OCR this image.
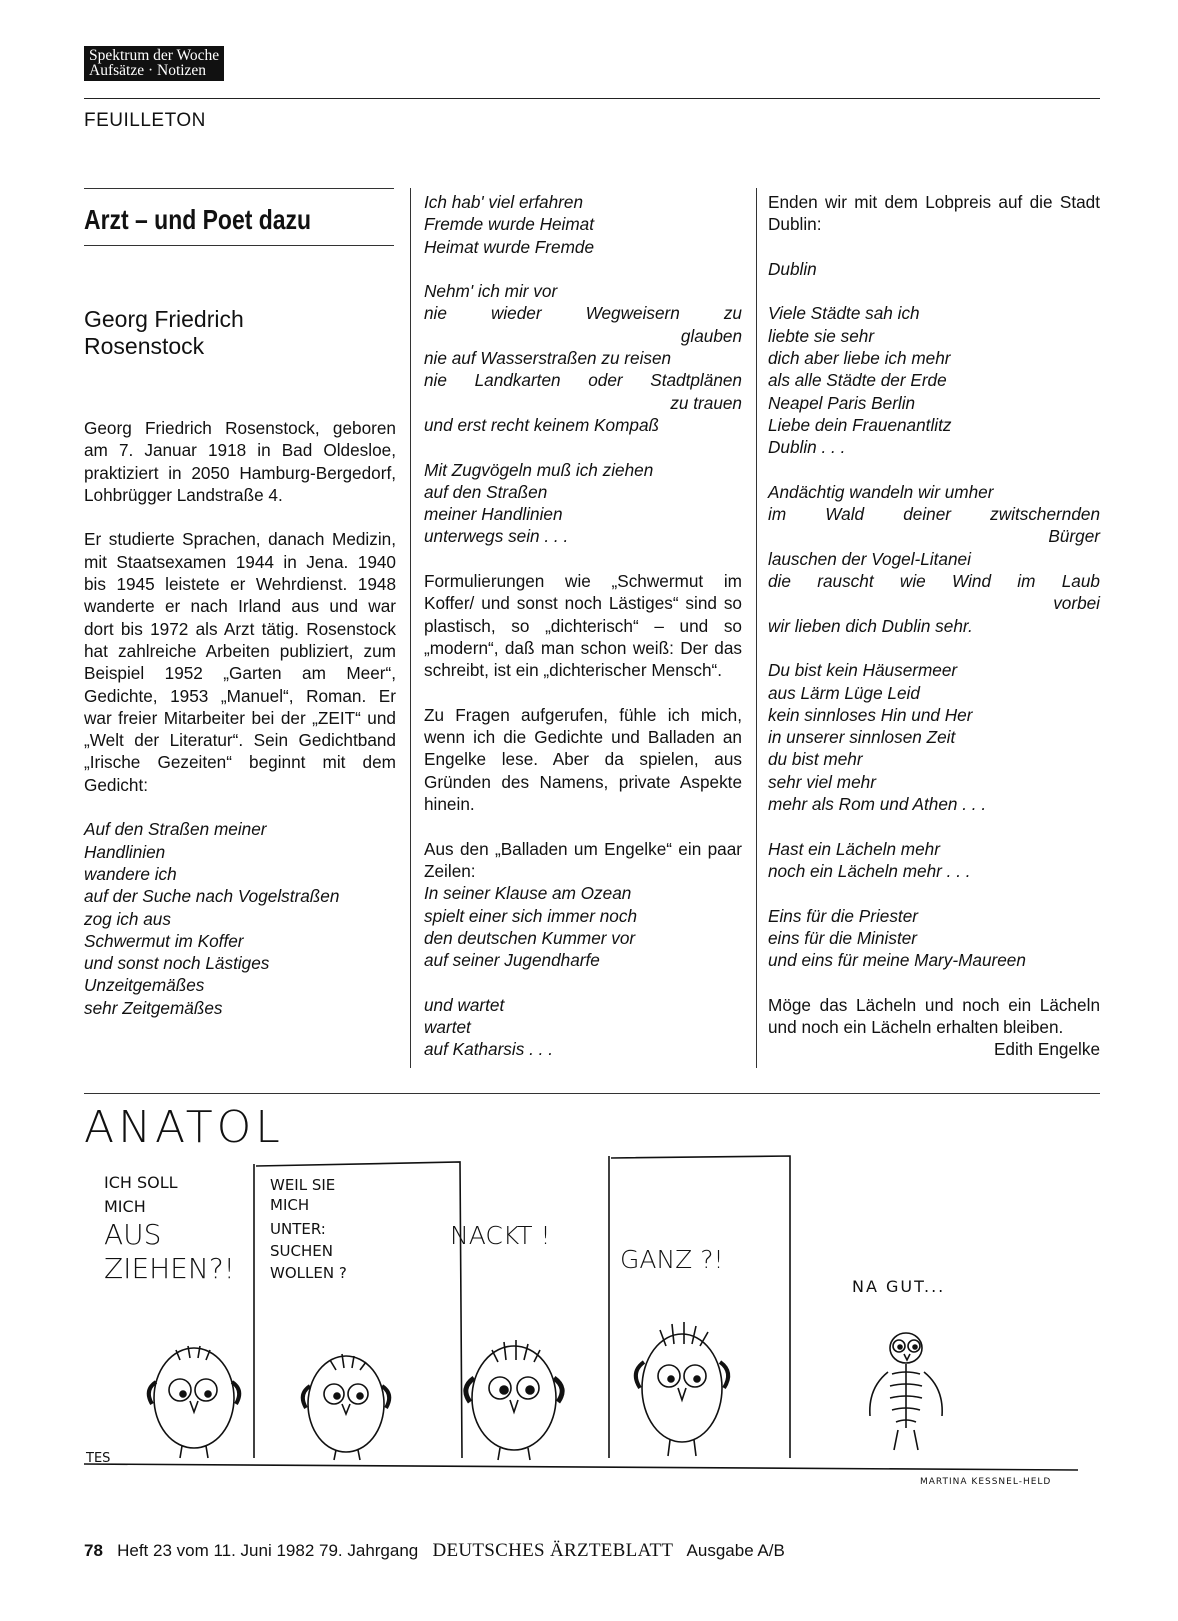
Spektrum der Woche
Aufsätze · Notizen
FEUILLETON
Arzt – und Poet dazu
Georg Friedrich
Rosenstock

Georg Friedrich Rosenstock, geboren am 7. Januar 1918 in Bad Oldesloe, praktiziert in 2050 Hamburg-Bergedorf, Lohbrügger Landstraße 4.

Er studierte Sprachen, danach Medizin, mit Staatsexamen 1944 in Jena. 1940 bis 1945 leistete er Wehrdienst. 1948 wanderte er nach Irland aus und war dort bis 1972 als Arzt tätig. Rosenstock hat zahlreiche Arbeiten publiziert, zum Beispiel 1952 „Garten am Meer“, Gedichte, 1953 „Manuel“, Roman. Er war freier Mitarbeiter bei der „ZEIT“ und „Welt der Literatur“. Sein Gedichtband „Irische Gezeiten“ beginnt mit dem Gedicht:

Auf den Straßen meiner

Handlinien

wandere ich

auf der Suche nach Vogelstraßen

zog ich aus

Schwermut im Koffer

und sonst noch Lästiges

Unzeitgemäßes

sehr Zeitgemäßes

Ich hab' viel erfahren

Fremde wurde Heimat

Heimat wurde Fremde

Nehm' ich mir vor

nie wieder Wegweisern zu

glauben

nie auf Wasserstraßen zu reisen

nie Landkarten oder Stadtplänen

zu trauen

und erst recht keinem Kompaß

Mit Zugvögeln muß ich ziehen

auf den Straßen

meiner Handlinien

unterwegs sein . . .

Formulierungen wie „Schwermut im Koffer/ und sonst noch Lästiges“ sind so plastisch, so „dichterisch“ – und so „modern“, daß man schon weiß: Der das schreibt, ist ein „dichterischer Mensch“.

Zu Fragen aufgerufen, fühle ich mich, wenn ich die Gedichte und Balladen an Engelke lese. Aber da spielen, aus Gründen des Namens, private Aspekte hinein.

Aus den „Balladen um Engelke“ ein paar Zeilen:

In seiner Klause am Ozean

spielt einer sich immer noch

den deutschen Kummer vor

auf seiner Jugendharfe

und wartet

wartet

auf Katharsis . . .

Enden wir mit dem Lobpreis auf die Stadt Dublin:

Dublin

Viele Städte sah ich

liebte sie sehr

dich aber liebe ich mehr

als alle Städte der Erde

Neapel Paris Berlin

Liebe dein Frauenantlitz

Dublin . . .

Andächtig wandeln wir umher

im Wald deiner zwitschernden

Bürger

lauschen der Vogel-Litanei

die rauscht wie Wind im Laub

vorbei

wir lieben dich Dublin sehr.

Du bist kein Häusermeer

aus Lärm Lüge Leid

kein sinnloses Hin und Her

in unserer sinnlosen Zeit

du bist mehr

sehr viel mehr

mehr als Rom und Athen . . .

Hast ein Lächeln mehr

noch ein Lächeln mehr . . .

Eins für die Priester

eins für die Minister

und eins für meine Mary-Maureen

Möge das Lächeln und noch ein Lächeln und noch ein Lächeln erhalten bleiben.

Edith Engelke

ANATOL
ICH SOLL
MICH
AUS
ZIEHEN?!
WEIL SIE
MICH
UNTER:
SUCHEN
WOLLEN ?
NACKT !
GANZ ?!
NA GUT...
TES
MARTINA KESSNEL-HELD
78 Heft 23 vom 11. Juni 1982 79. Jahrgang DEUTSCHES ÄRZTEBLATT Ausgabe A/B
